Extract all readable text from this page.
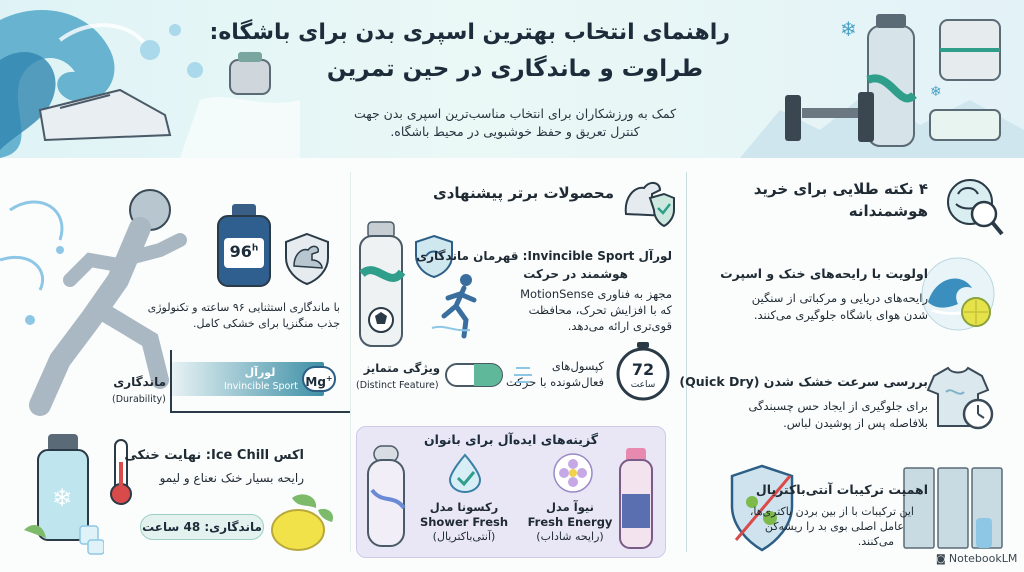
❄
❄
راهنمای انتخاب بهترین اسپری بدن برای باشگاه:
طراوت و ماندگاری در حین تمرین
کمک به ورزشکاران برای انتخاب مناسب‌ترین اسپری بدن جهت
کنترل تعریق و حفظ خوشبویی در محیط باشگاه.
۴ نکته طلایی برای خرید
هوشمندانه
اولویت با رایحه‌های خنک و اسپرت
رایحه‌های دریایی و مرکباتی از سنگین
شدن هوای باشگاه جلوگیری می‌کنند.
بررسی سرعت خشک شدن (Quick Dry)
برای جلوگیری از ایجاد حس چسبندگی
بلافاصله پس از پوشیدن لباس.
اهمیت ترکیبات آنتی‌باکتریال
این ترکیبات با از بین بردن باکتری‌ها،
عامل اصلی بوی بد را ریشه‌کن
می‌کنند.
محصولات برتر پیشنهادی
لورآل Invincible Sport: قهرمان ماندگاری
هوشمند در حرکت
مجهز به فناوری MotionSense
که با افزایش تحرک، محافظت
قوی‌تری ارائه می‌دهد.
72
ساعت
کپسول‌های
فعال‌شونده با حرکت
ویژگی متمایز
(Distinct Feature)
96$^h$
با ماندگاری استثنایی ۹۶ ساعته و تکنولوژی
جذب منگنزیا برای خشکی کامل.
لورآل
Invincible Sport Mg+
ماندگاری
(Durability)
گزینه‌های ایده‌آل برای بانوان
نیوآ مدل
Fresh Energy
(رایحه شاداب)
رکسونا مدل
Shower Fresh
(آنتی‌باکتریال)
❄
اکس Ice Chill: نهایت خنکی
رایحه بسیار خنک نعناع و لیمو
ماندگاری: 48 ساعت
◙ NotebookLM
